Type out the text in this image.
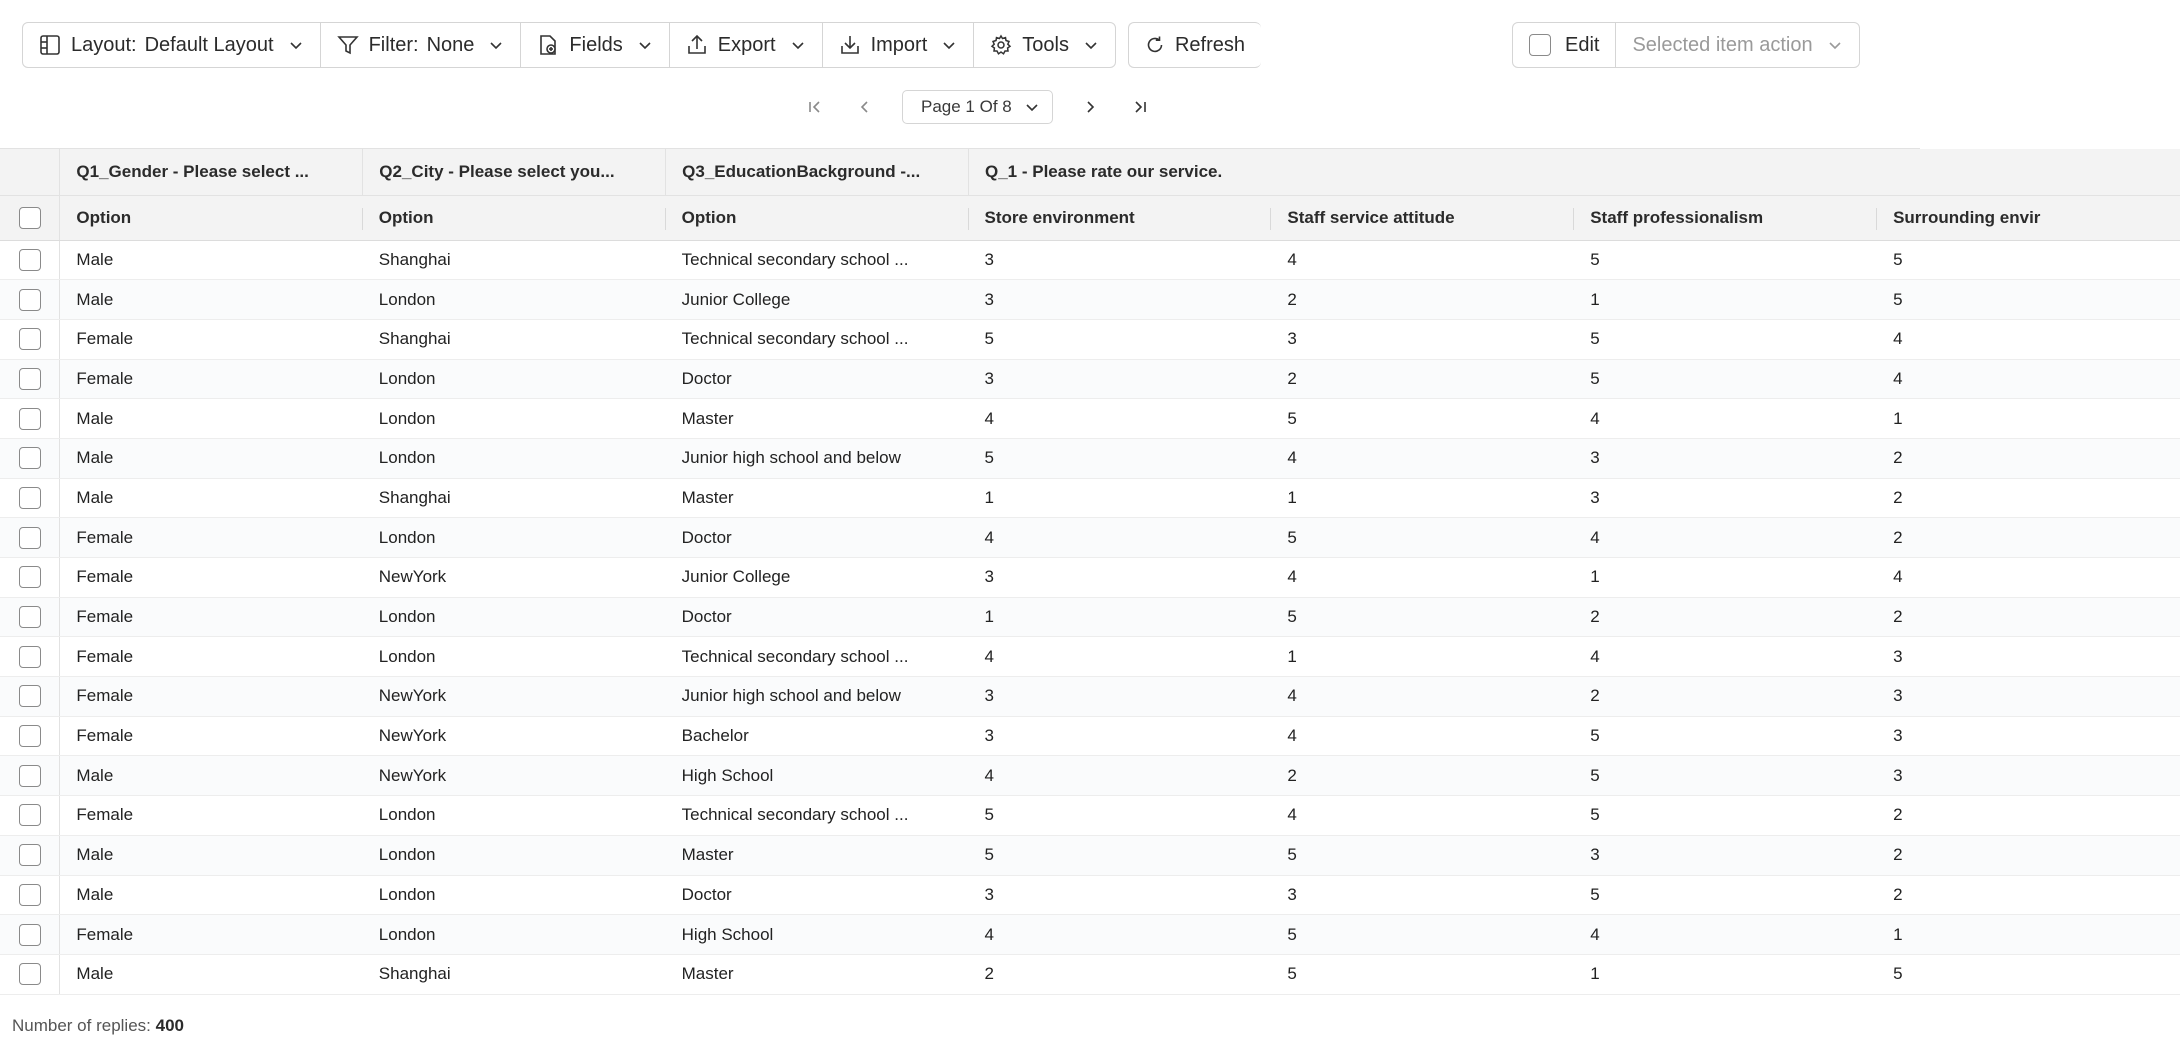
Layout: Default Layout	Filter: None	Fields	Export	Import	Tools	Refresh	Edit Selected item action
Page 1 Of 8
	Q1_Gender - Please select ...	Q2_City - Please select you...	Q3_EducationBackground -...	Q_1 - Please rate our service.			
	Option	Option	Option	Store environment	Staff service attitude	Staff professionalism	Surrounding envir
	Male	Shanghai	Technical secondary school ...	3	4	5	5
	Male	London	Junior College	3	2	1	5
	Female	Shanghai	Technical secondary school ...	5	3	5	4
	Female	London	Doctor	3	2	5	4
	Male	London	Master	4	5	4	1
	Male	London	Junior high school and below	5	4	3	2
	Male	Shanghai	Master	1	1	3	2
	Female	London	Doctor	4	5	4	2
	Female	NewYork	Junior College	3	4	1	4
	Female	London	Doctor	1	5	2	2
	Female	London	Technical secondary school ...	4	1	4	3
	Female	NewYork	Junior high school and below	3	4	2	3
	Female	NewYork	Bachelor	3	4	5	3
	Male	NewYork	High School	4	2	5	3
	Female	London	Technical secondary school ...	5	4	5	2
	Male	London	Master	5	5	3	2
	Male	London	Doctor	3	3	5	2
	Female	London	High School	4	5	4	1
	Male	Shanghai	Master	2	5	1	5
Number of replies: 400
